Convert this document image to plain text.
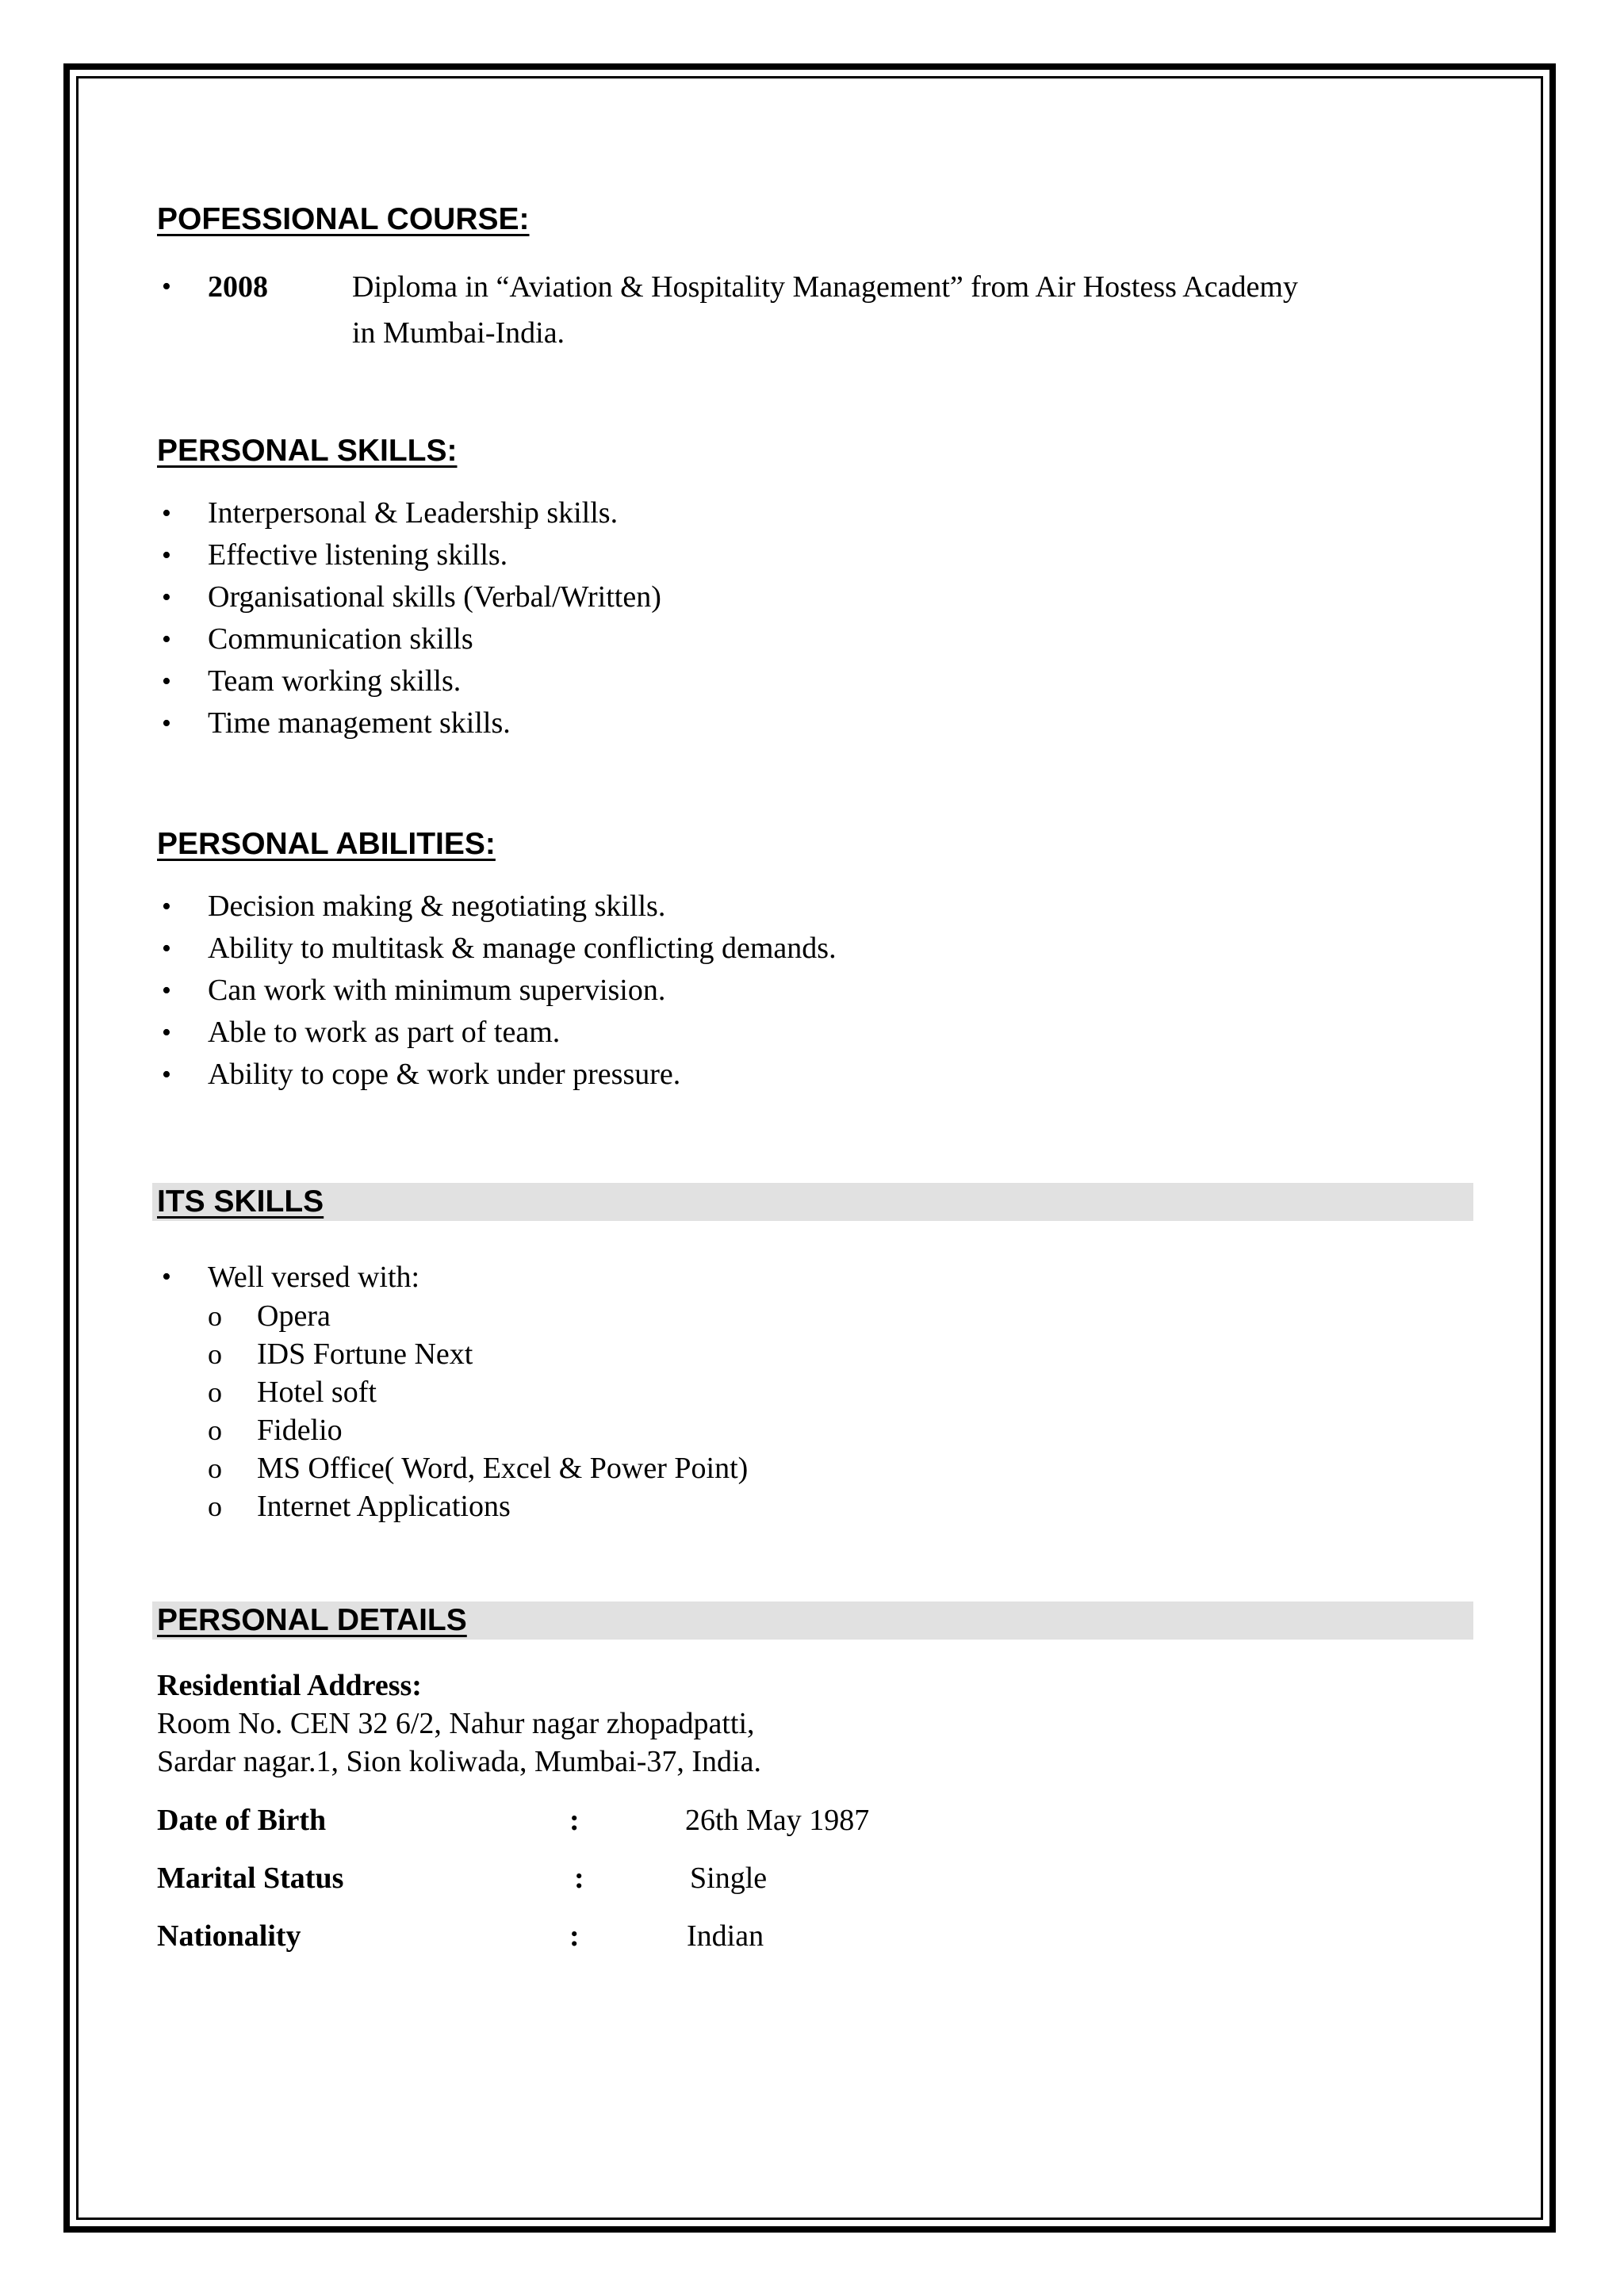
POFESSIONAL COURSE:
• 2008	Diploma in “Aviation & Hospitality Management” from Air Hostess Academy
in Mumbai-India.
PERSONAL SKILLS:
• Interpersonal & Leadership skills.
• Effective listening skills.
• Organisational skills (Verbal/Written)
• Communication skills
• Team working skills.
• Time management skills.
PERSONAL ABILITIES:
• Decision making & negotiating skills.
• Ability to multitask & manage conflicting demands.
• Can work with minimum supervision.
• Able to work as part of team.
• Ability to cope & work under pressure.
ITS SKILLS
• Well versed with:
o Opera
o IDS Fortune Next
o Hotel soft
o Fidelio
o MS Office( Word, Excel & Power Point)
o Internet Applications
PERSONAL DETAILS
Residential Address:
Room No. CEN 32 6/2, Nahur nagar zhopadpatti,
Sardar nagar.1, Sion koliwada, Mumbai-37, India.
Date of Birth	:	26th May 1987
Marital Status	:	Single
Nationality	:	Indian
